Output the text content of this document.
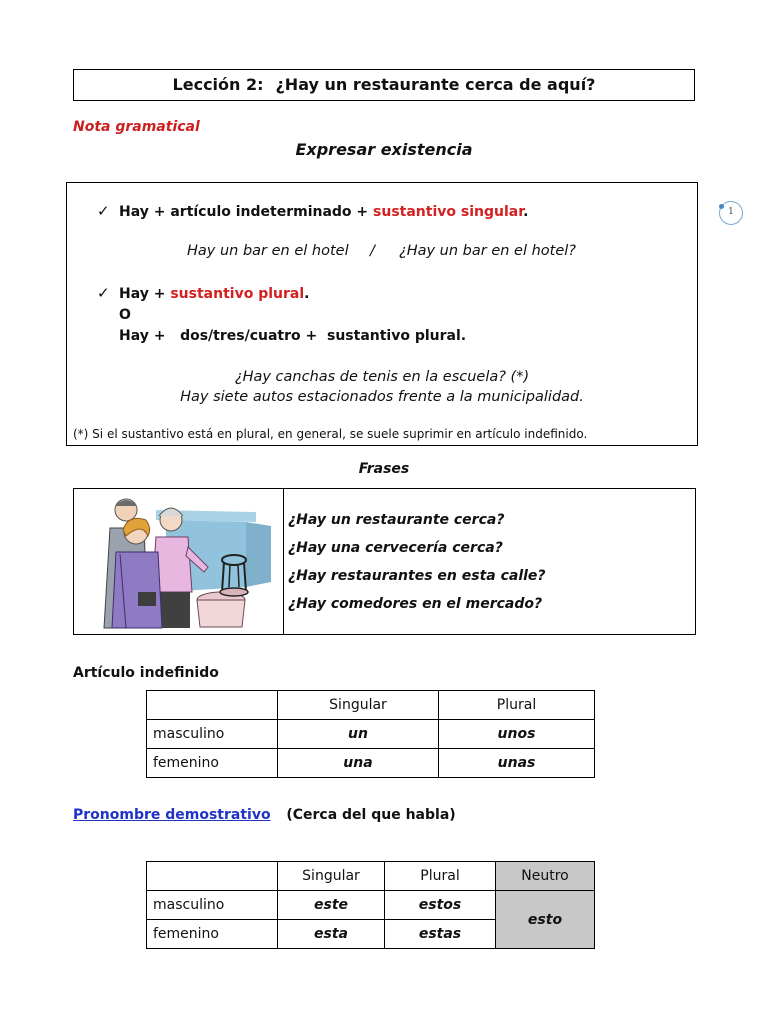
Lección 2: ¿Hay un restaurante cerca de aquí?
Nota gramatical
Expresar existencia
✓ Hay + artículo indeterminado + sustantivo singular.
Hay un bar en el hotel / ¿Hay un bar en el hotel?
✓ Hay + sustantivo plural.
O
Hay +   dos/tres/cuatro +  sustantivo plural.
¿Hay canchas de tenis en la escuela? (*)
Hay siete autos estacionados frente a la municipalidad.
(*) Si el sustantivo está en plural, en general, se suele suprimir en artículo indefinido.
1
Frases
¿Hay un restaurante cerca?
¿Hay una cervecería cerca?
¿Hay restaurantes en esta calle?
¿Hay comedores en el mercado?
Artículo indefinido
	Singular	Plural
masculino	un	unos
femenino	una	unas
Pronombre demostrativo (Cerca del que habla)
	Singular	Plural	Neutro
masculino	este	estos	esto
femenino	esta	estas	
